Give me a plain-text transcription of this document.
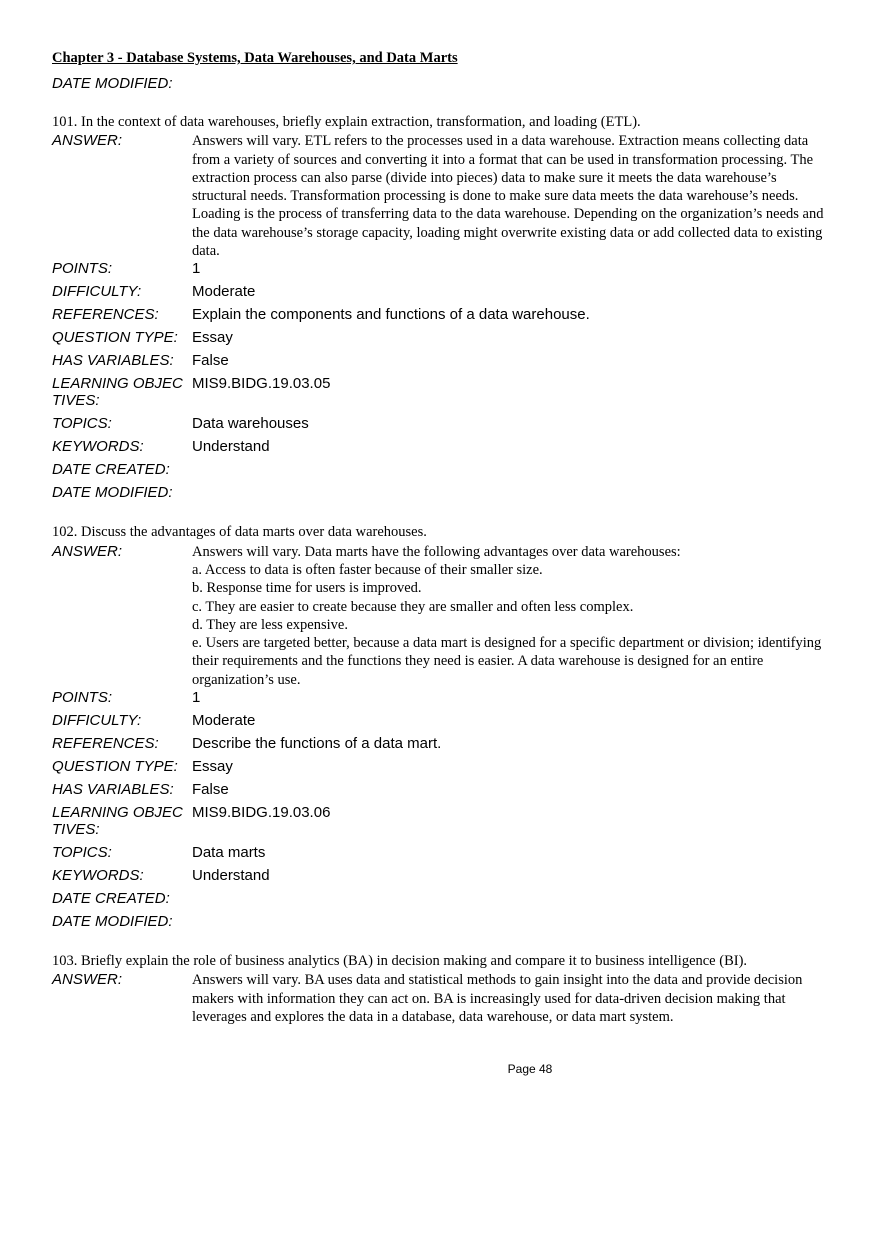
Chapter 3 - Database Systems, Data Warehouses, and Data Marts
DATE MODIFIED:
101. In the context of data warehouses, briefly explain extraction, transformation, and loading (ETL).
ANSWER:	Answers will vary. ETL refers to the processes used in a data warehouse. Extraction means collecting data from a variety of sources and converting it into a format that can be used in transformation processing. The extraction process can also parse (divide into pieces) data to make sure it meets the data warehouse’s structural needs. Transformation processing is done to make sure data meets the data warehouse’s needs. Loading is the process of transferring data to the data warehouse. Depending on the organization’s needs and the data warehouse’s storage capacity, loading might overwrite existing data or add collected data to existing data.

POINTS:	1
DIFFICULTY:	Moderate
REFERENCES:	Explain the components and functions of a data warehouse.
QUESTION TYPE: Essay
HAS VARIABLES:	False
LEARNING OBJEC
TIVES:
MIS9.BIDG.19.03.05
TOPICS:	Data warehouses
KEYWORDS:	Understand
DATE CREATED:
DATE MODIFIED:
102. Discuss the advantages of data marts over data warehouses.
ANSWER:	Answers will vary. Data marts have the following advantages over data warehouses:

a. Access to data is often faster because of their smaller size.

b. Response time for users is improved.

c. They are easier to create because they are smaller and often less complex.

d. They are less expensive.

e. Users are targeted better, because a data mart is designed for a specific department or division; identifying their requirements and the functions they need is easier. A data warehouse is designed for an entire organization’s use.

POINTS:	1
DIFFICULTY:	Moderate
REFERENCES:	Describe the functions of a data mart.
QUESTION TYPE: Essay
HAS VARIABLES:	False
LEARNING OBJEC
TIVES:
MIS9.BIDG.19.03.06
TOPICS:	Data marts
KEYWORDS:	Understand
DATE CREATED:
DATE MODIFIED:
103. Briefly explain the role of business analytics (BA) in decision making and compare it to business intelligence (BI).
ANSWER:	Answers will vary. BA uses data and statistical methods to gain insight into the data and provide decision makers with information they can act on. BA is increasingly used for data-driven decision making that leverages and explores the data in a database, data warehouse, or data mart system.

Page 48
